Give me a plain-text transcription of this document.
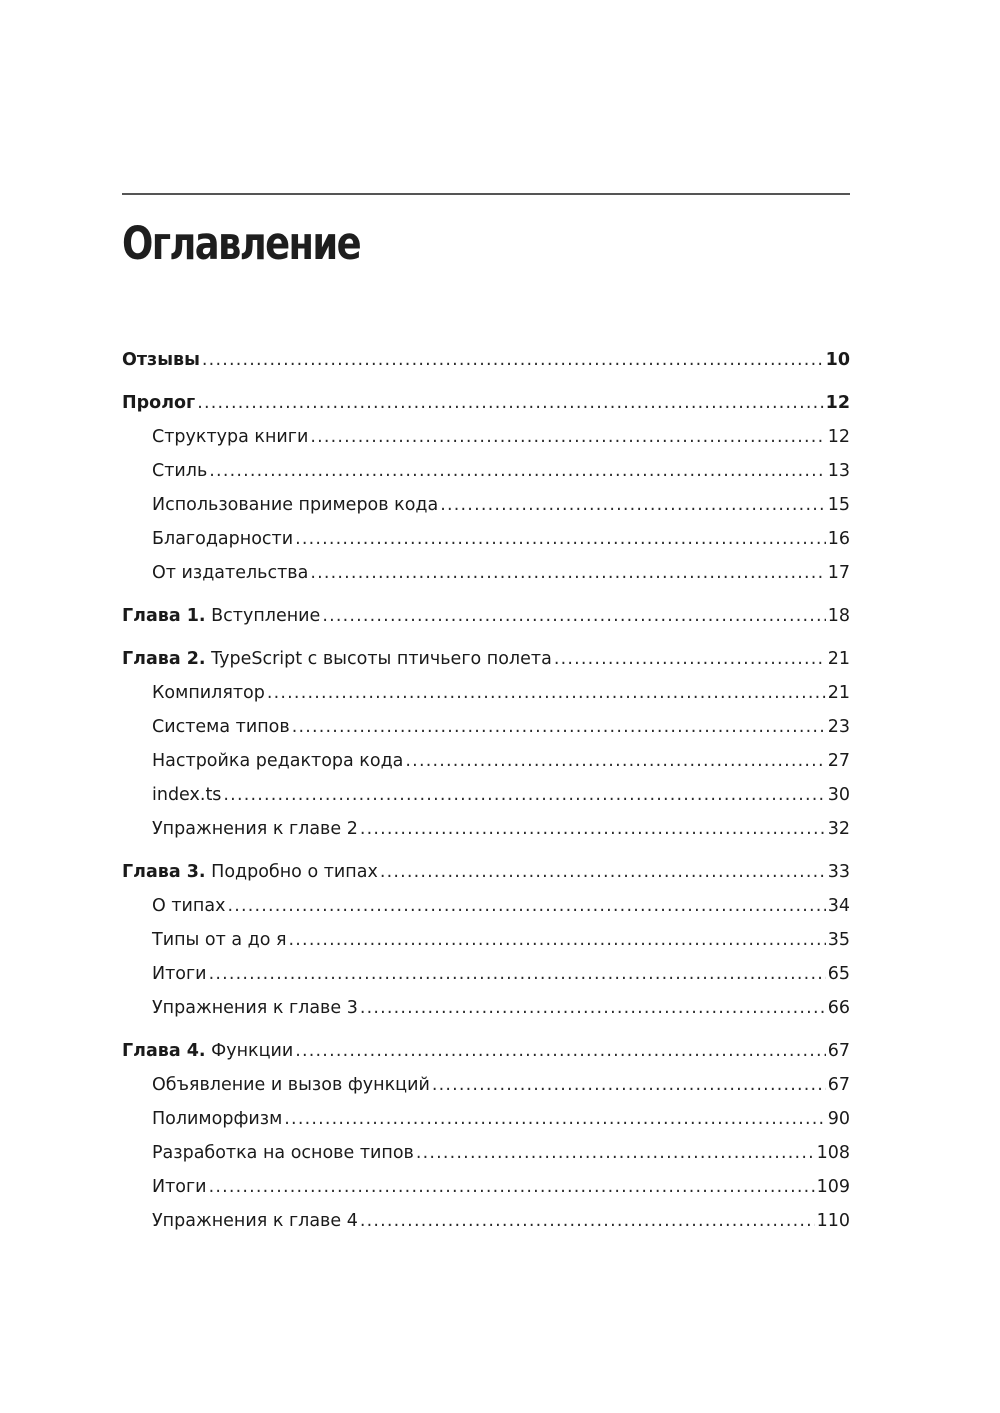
Оглавление
Отзывы .....	10
Пролог .....	12
Структура книги .....	12
Стиль .....	13
Использование примеров кода .....	15
Благодарности .....	16
От издательства .....	17
Глава 1. Вступление .....	18
Глава 2. TypeScript с высоты птичьего полета .....	21
Компилятор .....	21
Система типов .....	23
Настройка редактора кода .....	27
index.ts .....	30
Упражнения к главе 2 .....	32
Глава 3. Подробно о типах .....	33
О типах .....	34
Типы от a до я .....	35
Итоги .....	65
Упражнения к главе 3 .....	66
Глава 4. Функции .....	67
Объявление и вызов функций .....	67
Полиморфизм .....	90
Разработка на основе типов .....	108
Итоги .....	109
Упражнения к главе 4 .....	110
